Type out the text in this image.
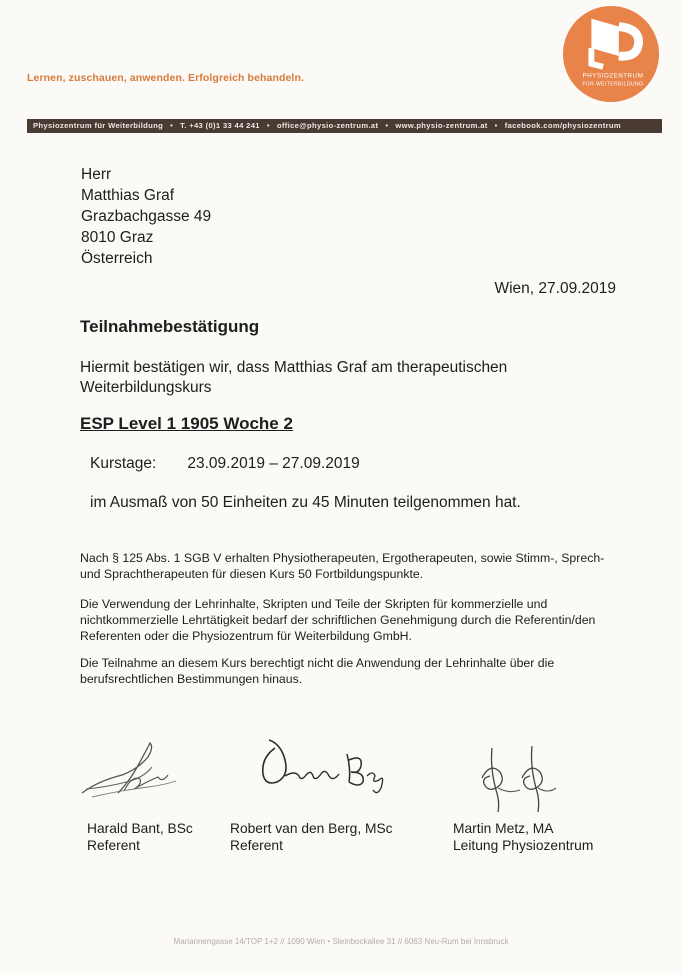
Lernen, zuschauen, anwenden. Erfolgreich behandeln.	PHYSIOZENTRUM
FÜR WEITERBILDUNG
Physiozentrum für Weiterbildung • T. +43 (0)1 33 44 241 • office@physio-zentrum.at • www.physio-zentrum.at • facebook.com/physiozentrum
Herr
Matthias Graf
Grazbachgasse 49
8010 Graz
Österreich
Wien, 27.09.2019
Teilnahmebestätigung
Hiermit bestätigen wir, dass Matthias Graf am therapeutischen Weiterbildungskurs
ESP Level 1 1905 Woche 2
Kurstage: 23.09.2019 – 27.09.2019
im Ausmaß von 50 Einheiten zu 45 Minuten teilgenommen hat.
Nach § 125 Abs. 1 SGB V erhalten Physiotherapeuten, Ergotherapeuten, sowie Stimm-, Sprech- und Sprachtherapeuten für diesen Kurs 50 Fortbildungspunkte.
Die Verwendung der Lehrinhalte, Skripten und Teile der Skripten für kommerzielle und nichtkommerzielle Lehrtätigkeit bedarf der schriftlichen Genehmigung durch die Referentin/den Referenten oder die Physiozentrum für Weiterbildung GmbH.
Die Teilnahme an diesem Kurs berechtigt nicht die Anwendung der Lehrinhalte über die berufsrechtlichen Bestimmungen hinaus.
Harald Bant, BSc
Referent
Robert van den Berg, MSc
Referent
Martin Metz, MA
Leitung Physiozentrum
Mariannengasse 14/TOP 1+2 // 1090 Wien • Steinbockallee 31 // 6063 Neu-Rum bei Innsbruck
